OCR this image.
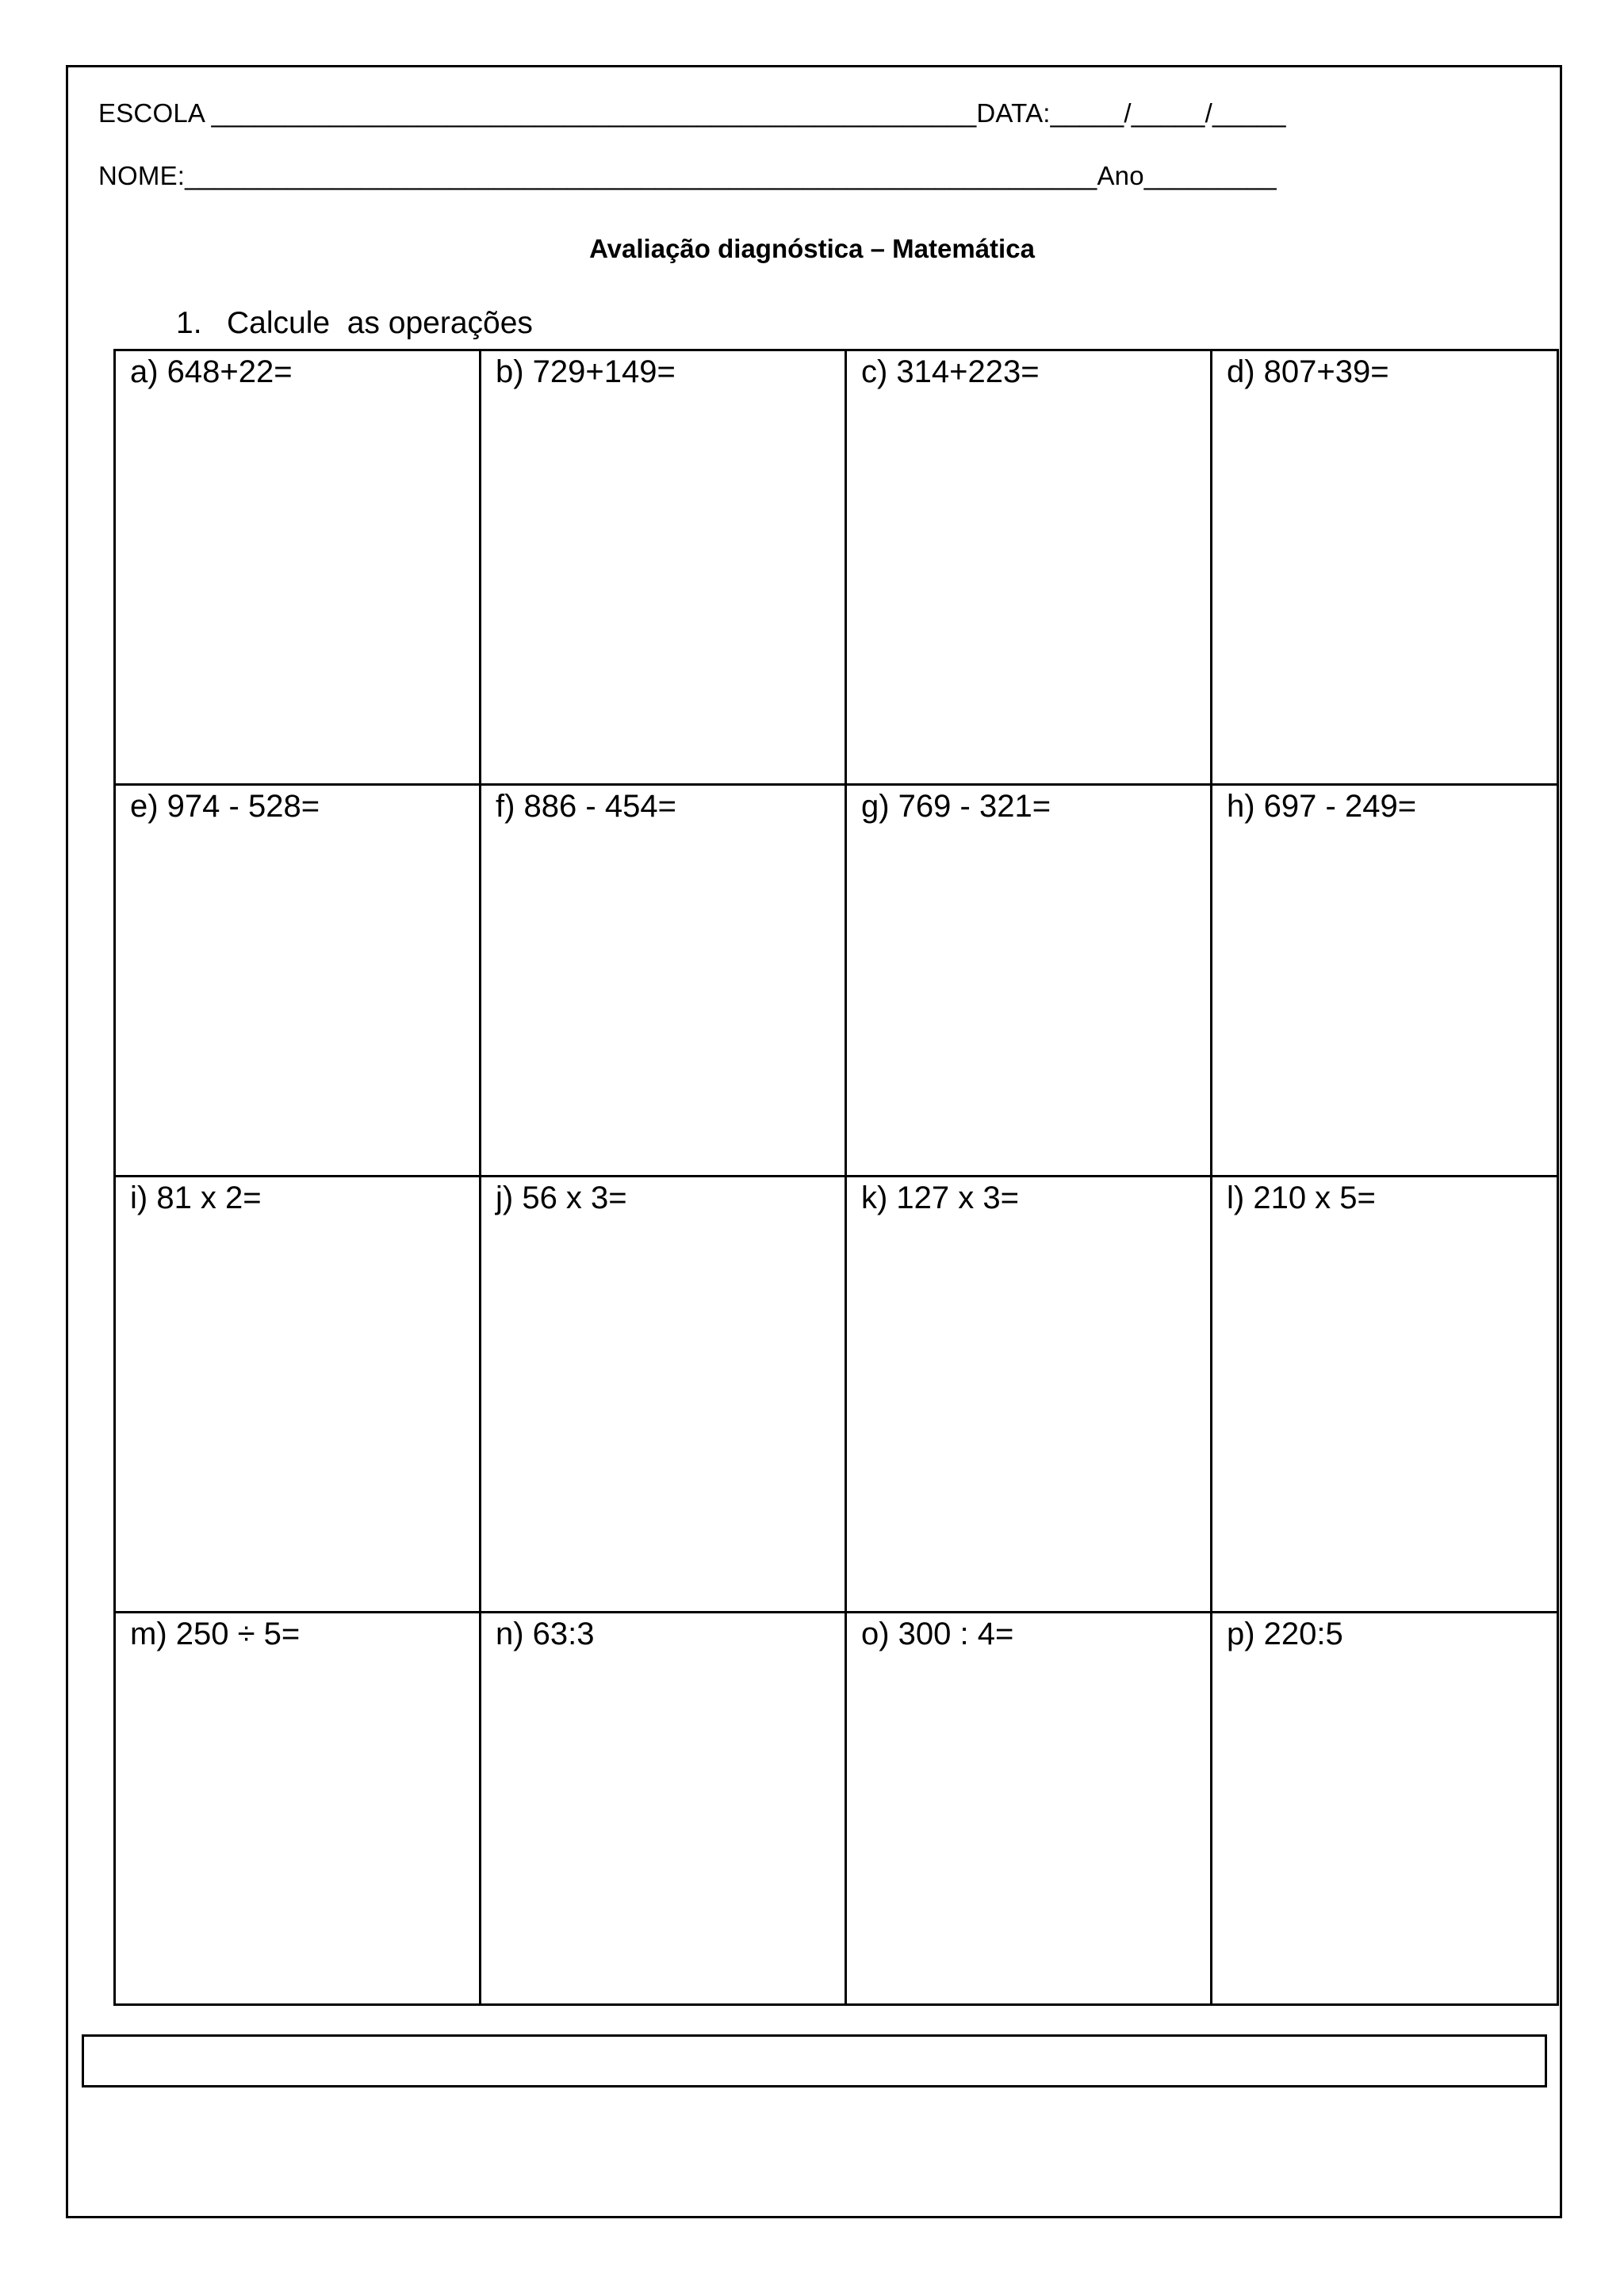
ESCOLA ____________________________________________________DATA:_____/_____/_____
NOME:______________________________________________________________Ano_________
Avaliação diagnóstica – Matemática
1. Calcule  as operações
a) 648+22=	b) 729+149=	c) 314+223=	d) 807+39=
e) 974 - 528=	f) 886 - 454=	g) 769 - 321=	h) 697 - 249=
i) 81 x 2=	j) 56 x 3=	k) 127 x 3=	l) 210 x 5=
m) 250 ÷ 5=	n) 63:3	o) 300 : 4=	p) 220:5
